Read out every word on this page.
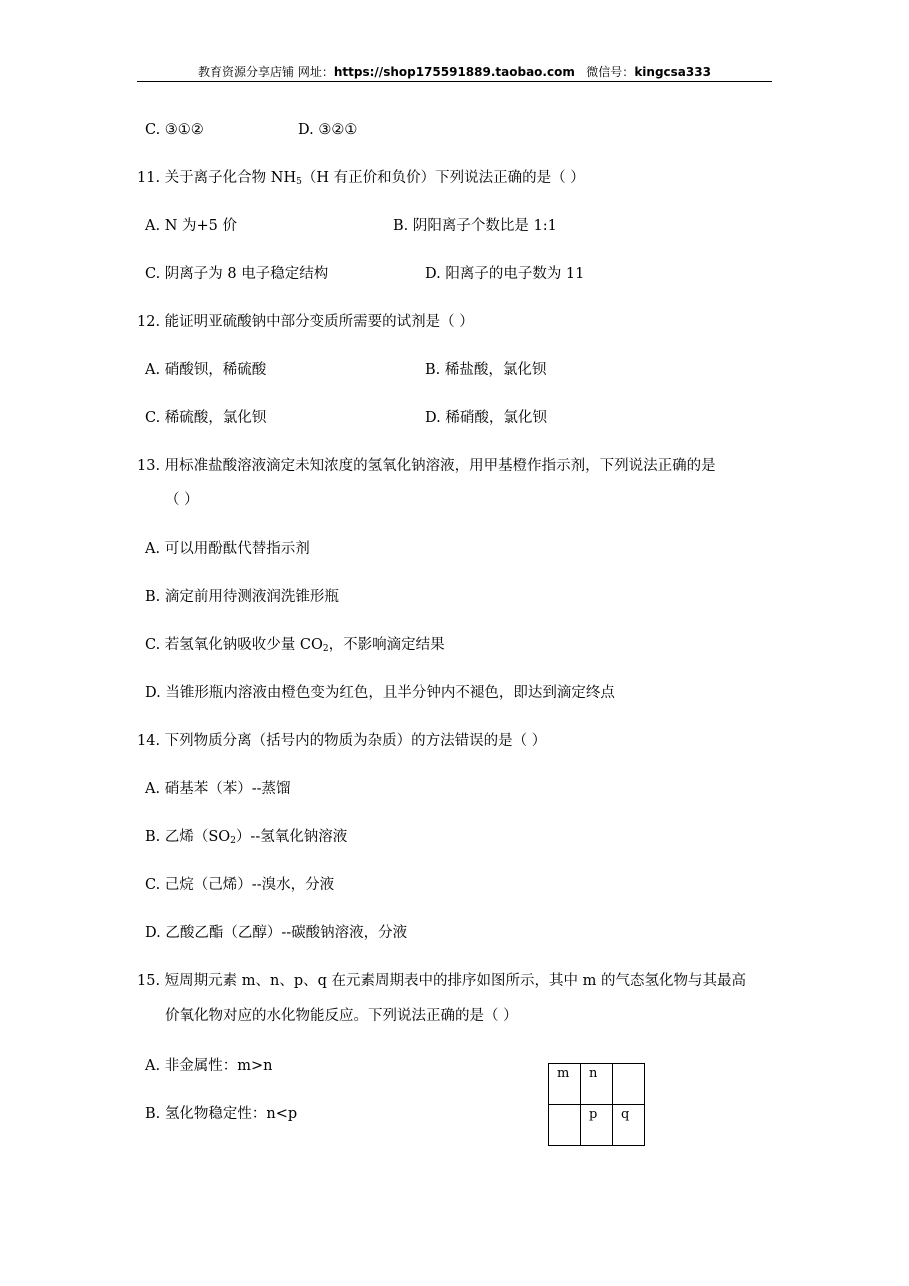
教育资源分享店铺 网址：https://shop175591889.taobao.com 微信号：kingcsa333
C. ③①②	D. ③②①
11. 关于离子化合物 $NH_5(H$ 有正价和负价）下列说法正确的是（ ）
A. N 为+5 价	B. 阴阳离子个数比是 1:1
C. 阴离子为 8 电子稳定结构	D. 阳离子的电子数为 11
12. 能证明亚硫酸钠中部分变质所需要的试剂是（ ）
A. 硝酸钡，稀硫酸	B. 稀盐酸，氯化钡
C. 稀硫酸，氯化钡	D. 稀硝酸，氯化钡
13. 用标准盐酸溶液滴定未知浓度的氢氧化钠溶液，用甲基橙作指示剂，下列说法正确的是
（ ）
A. 可以用酚酞代替指示剂
B. 滴定前用待测液润洗锥形瓶
C. 若氢氧化钠吸收少量 $CO_2$，不影响滴定结果
D. 当锥形瓶内溶液由橙色变为红色，且半分钟内不褪色，即达到滴定终点
14. 下列物质分离（括号内的物质为杂质）的方法错误的是（ ）
A. 硝基苯（苯）--蒸馏
B. 乙烯$(SO_2)--$氢氧化钠溶液
C. 己烷（己烯）--溴水，分液
D. 乙酸乙酯（乙醇）--碳酸钠溶液，分液
15. 短周期元素 m、n、p、q 在元素周期表中的排序如图所示，其中 m 的气态氢化物与其最高
价氧化物对应的水化物能反应。下列说法正确的是（ ）
A. 非金属性：m>n
B. 氢化物稳定性：n<p
m	n	
	p	q
